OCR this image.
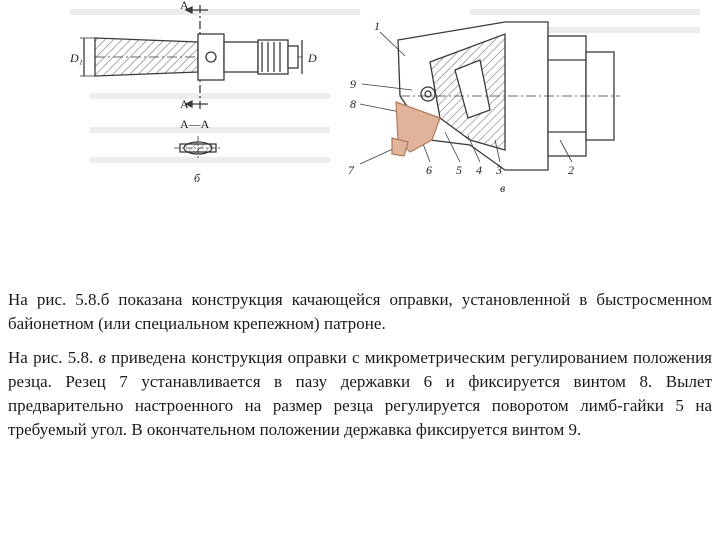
A
A
D₁	D
A—A
б
1
9
8
7	6 5 4 3	2
в

На рис. 5.8.б показана конструкция качающейся оправки, установленной в быстросменном байонетном (или специальном крепежном) патроне.

На рис. 5.8. в приведена конструкция оправки с микрометрическим регулированием положения резца. Резец 7 устанавливается в пазу державки 6 и фиксируется винтом 8. Вылет предварительно настроенного на размер резца регулируется поворотом лимб-гайки 5 на требуемый угол. В окончательном положении державка фиксируется винтом 9.
